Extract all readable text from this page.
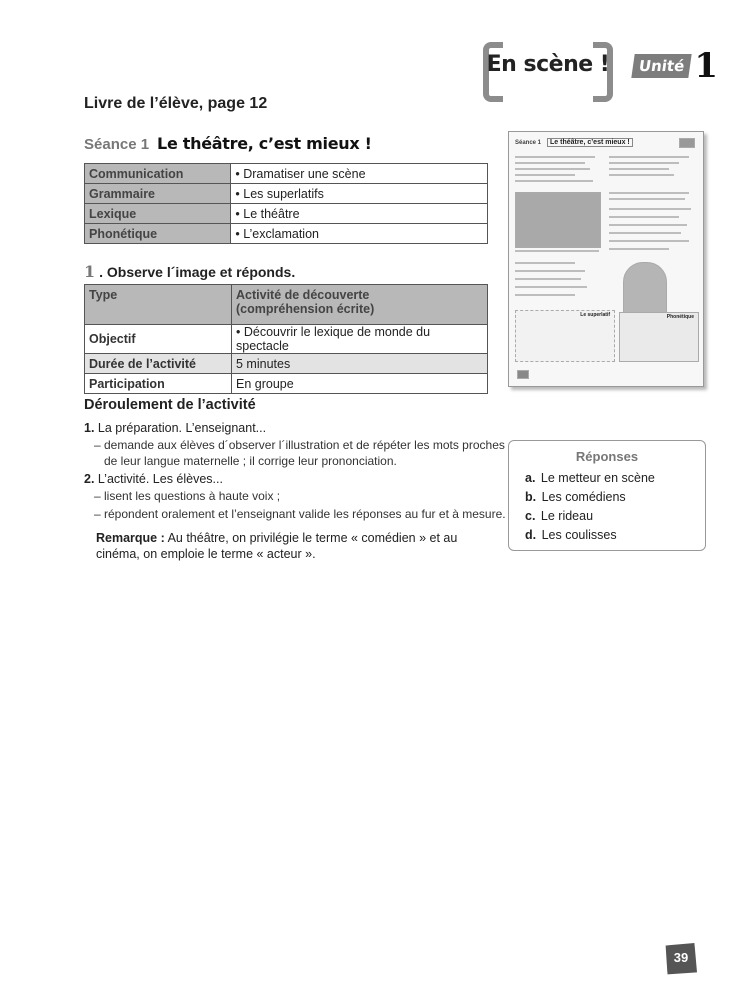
En scène !	Unité 1
Livre de l’élève, page 12
Séance 1 Le théâtre, c’est mieux !
Communication	• Dramatiser une scène
Grammaire	• Les superlatifs
Lexique	• Le théâtre
Phonétique	• L’exclamation
1 . Observe l´image et réponds.
Type	Activité de découverte
(compréhension écrite)

Objectif	• Découvrir le lexique de monde du spectacle
Durée de l’activité	5 minutes
Participation	En groupe
Séance 1	Le théâtre, c’est mieux !
Le superlatif	Phonétique
Déroulement de l’activité
1. La préparation. L’enseignant...
– demande aux élèves d´observer l´illustration et de répéter les mots proches
de leur langue maternelle ; il corrige leur prononciation.
2. L’activité. Les élèves...
– lisent les questions à haute voix ;
– répondent oralement et l’enseignant valide les réponses au fur et à mesure.
Remarque : Au théâtre, on privilégie le terme « comédien » et au cinéma, on emploie le terme « acteur ».
Réponses
a. Le metteur en scène
b. Les comédiens
c. Le rideau
d. Les coulisses
39
